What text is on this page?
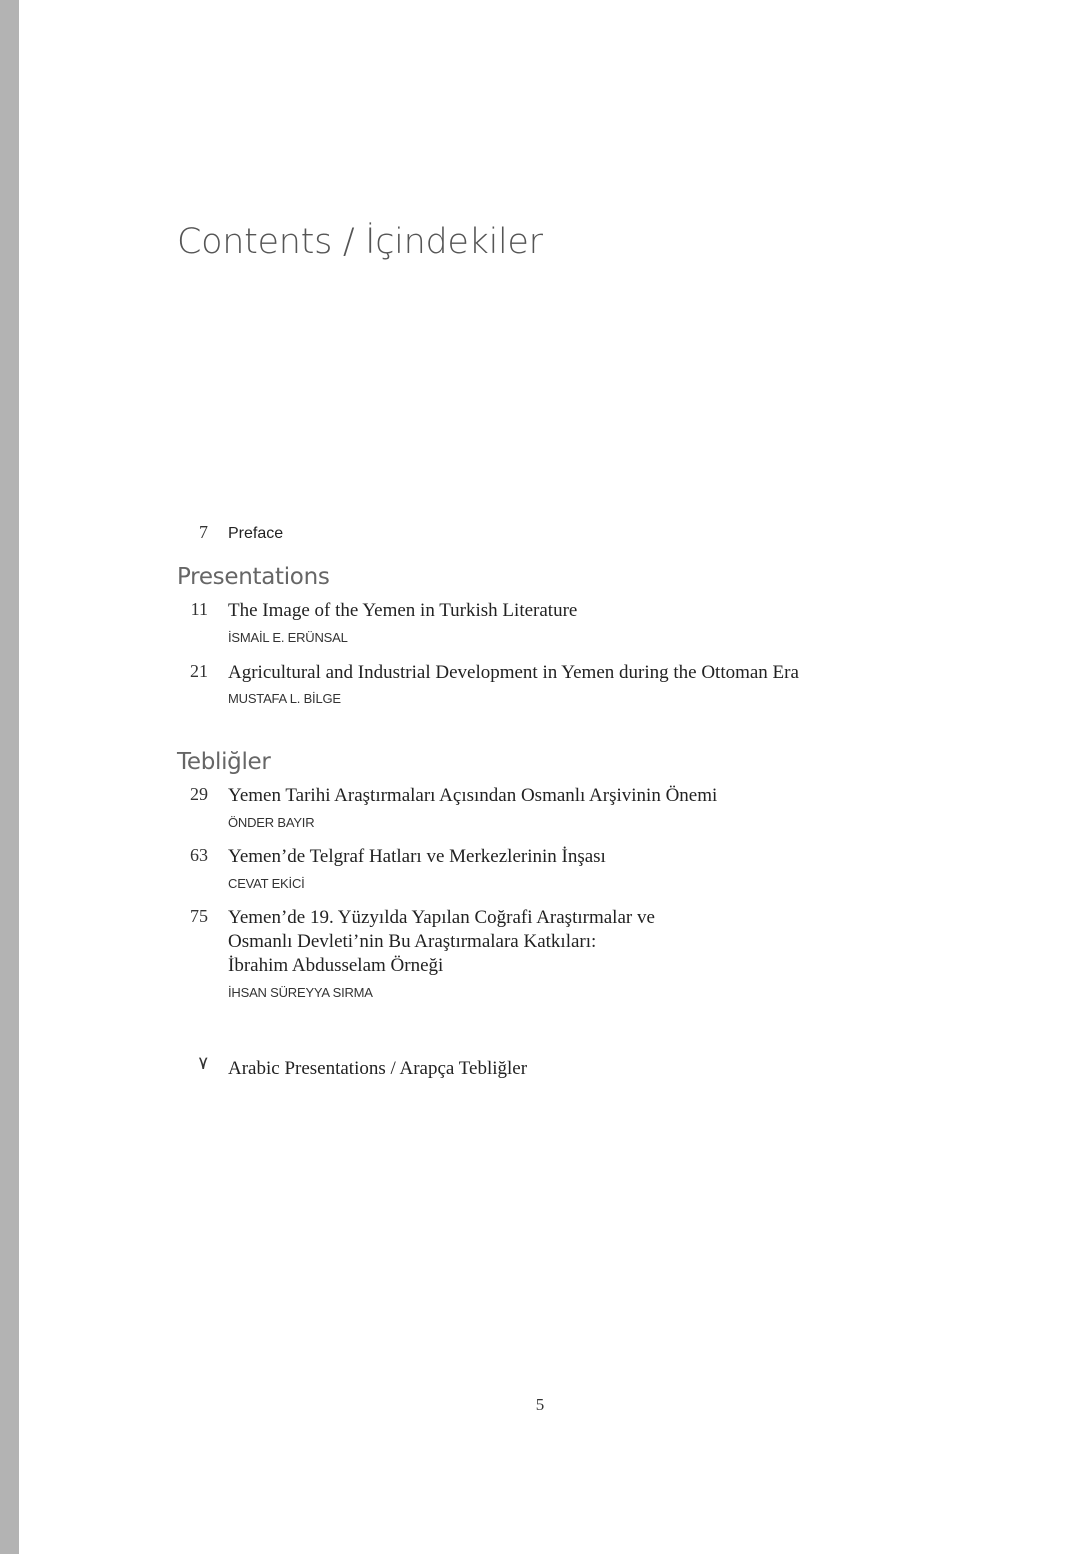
Contents / İçindekiler
7 Preface
Presentations
11 The Image of the Yemen in Turkish Literature
İSMAİL E. ERÜNSAL
21 Agricultural and Industrial Development in Yemen during the Ottoman Era
MUSTAFA L. BİLGE
Tebliğler
29 Yemen Tarihi Araştırmaları Açısından Osmanlı Arşivinin Önemi
ÖNDER BAYIR
63 Yemen’de Telgraf Hatları ve Merkezlerinin İnşası
CEVAT EKİCİ
75 Yemen’de 19. Yüzyılda Yapılan Coğrafi Araştırmalar ve
Osmanlı Devleti’nin Bu Araştırmalara Katkıları:
İbrahim Abdusselam Örneği
İHSAN SÜREYYA SIRMA
٧ Arabic Presentations / Arapça Tebliğler
5
